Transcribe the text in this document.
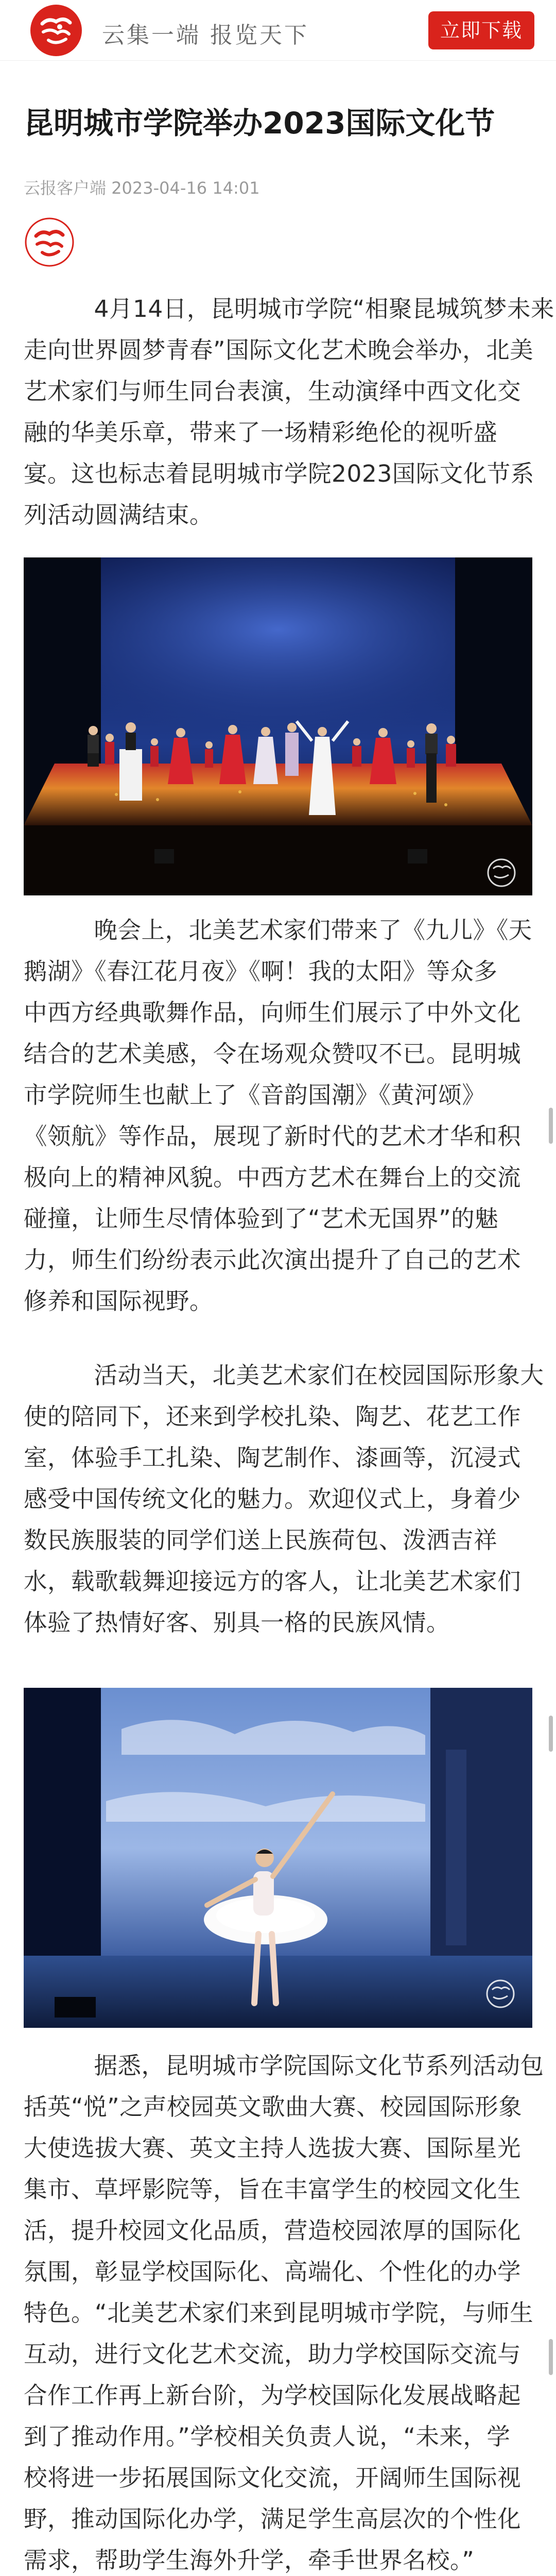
云集一端 报览天下	立即下载
昆明城市学院举办2023国际文化节
云报客户端 2023-04-16 14:01
4月14日，昆明城市学院“相聚昆城筑梦未来
走向世界圆梦青春”国际文化艺术晚会举办，北美
艺术家们与师生同台表演，生动演绎中西文化交
融的华美乐章，带来了一场精彩绝伦的视听盛
宴。这也标志着昆明城市学院2023国际文化节系
列活动圆满结束。
晚会上，北美艺术家们带来了《九儿》《天
鹅湖》《春江花月夜》《啊！我的太阳》等众多
中西方经典歌舞作品，向师生们展示了中外文化
结合的艺术美感，令在场观众赞叹不已。昆明城
市学院师生也献上了《音韵国潮》《黄河颂》
《领航》等作品，展现了新时代的艺术才华和积
极向上的精神风貌。中西方艺术在舞台上的交流
碰撞，让师生尽情体验到了“艺术无国界”的魅
力，师生们纷纷表示此次演出提升了自己的艺术
修养和国际视野。
活动当天，北美艺术家们在校园国际形象大
使的陪同下，还来到学校扎染、陶艺、花艺工作
室，体验手工扎染、陶艺制作、漆画等，沉浸式
感受中国传统文化的魅力。欢迎仪式上，身着少
数民族服装的同学们送上民族荷包、泼洒吉祥
水，载歌载舞迎接远方的客人，让北美艺术家们
体验了热情好客、别具一格的民族风情。
据悉，昆明城市学院国际文化节系列活动包
括英“悦”之声校园英文歌曲大赛、校园国际形象
大使选拔大赛、英文主持人选拔大赛、国际星光
集市、草坪影院等，旨在丰富学生的校园文化生
活，提升校园文化品质，营造校园浓厚的国际化
氛围，彰显学校国际化、高端化、个性化的办学
特色。“北美艺术家们来到昆明城市学院，与师生
互动，进行文化艺术交流，助力学校国际交流与
合作工作再上新台阶，为学校国际化发展战略起
到了推动作用。”学校相关负责人说，“未来，学
校将进一步拓展国际文化交流，开阔师生国际视
野，推动国际化办学，满足学生高层次的个性化
需求，帮助学生海外升学，牵手世界名校。”
